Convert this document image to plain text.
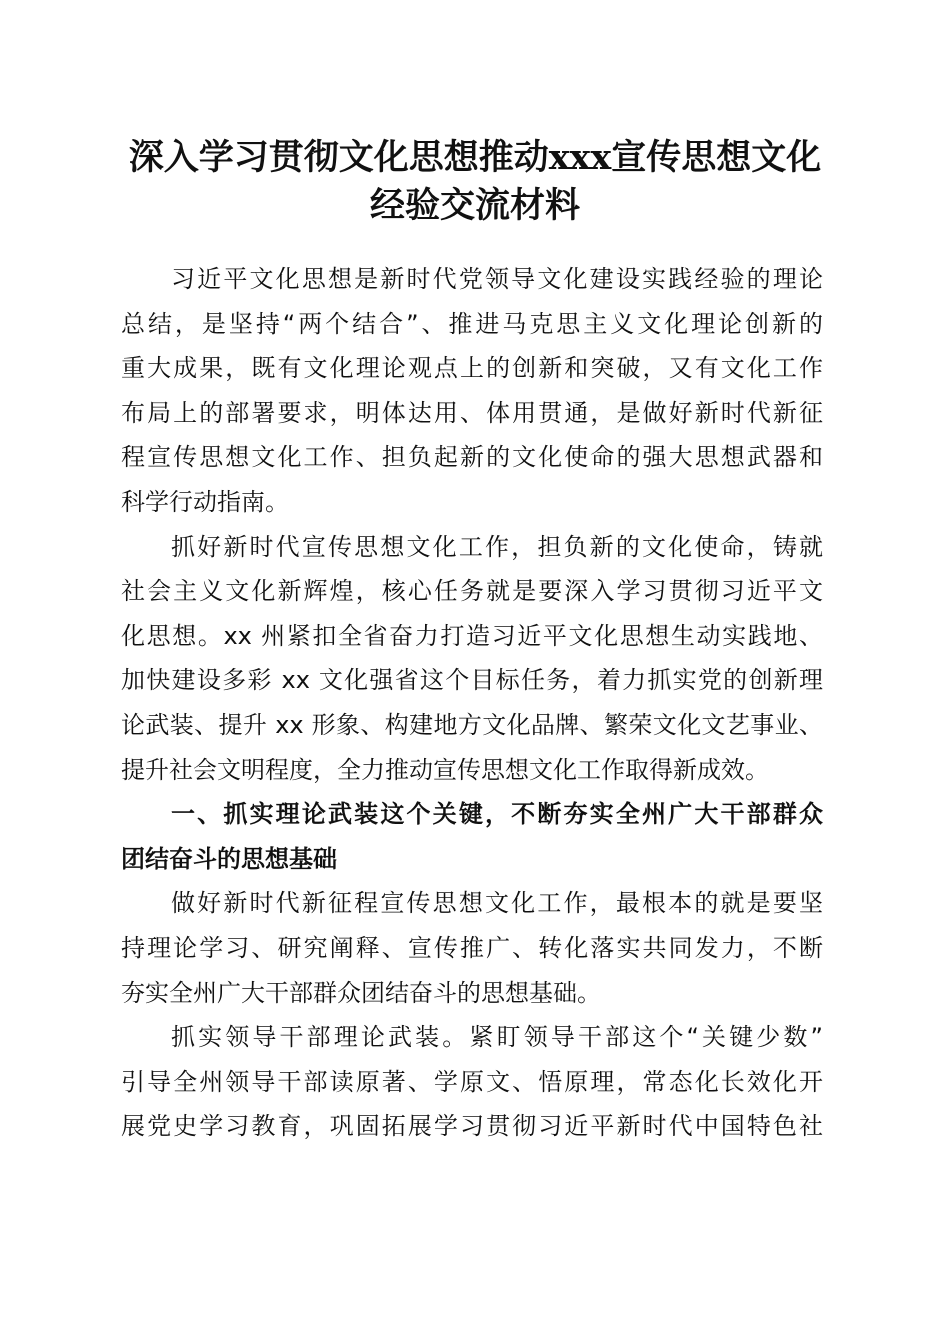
深入学习贯彻文化思想推动xxx宣传思想文化
经验交流材料
习近平文化思想是新时代党领导文化建设实践经验的理论
总结，是坚持“两个结合”、推进马克思主义文化理论创新的
重大成果，既有文化理论观点上的创新和突破，又有文化工作
布局上的部署要求，明体达用、体用贯通，是做好新时代新征
程宣传思想文化工作、担负起新的文化使命的强大思想武器和
科学行动指南。
抓好新时代宣传思想文化工作，担负新的文化使命，铸就
社会主义文化新辉煌，核心任务就是要深入学习贯彻习近平文
化思想。xx 州紧扣全省奋力打造习近平文化思想生动实践地、
加快建设多彩 xx 文化强省这个目标任务，着力抓实党的创新理
论武装、提升 xx 形象、构建地方文化品牌、繁荣文化文艺事业、
提升社会文明程度，全力推动宣传思想文化工作取得新成效。
一、抓实理论武装这个关键，不断夯实全州广大干部群众
团结奋斗的思想基础
做好新时代新征程宣传思想文化工作，最根本的就是要坚
持理论学习、研究阐释、宣传推广、转化落实共同发力，不断
夯实全州广大干部群众团结奋斗的思想基础。
抓实领导干部理论武装。紧盯领导干部这个“关键少数”
引导全州领导干部读原著、学原文、悟原理，常态化长效化开
展党史学习教育，巩固拓展学习贯彻习近平新时代中国特色社
